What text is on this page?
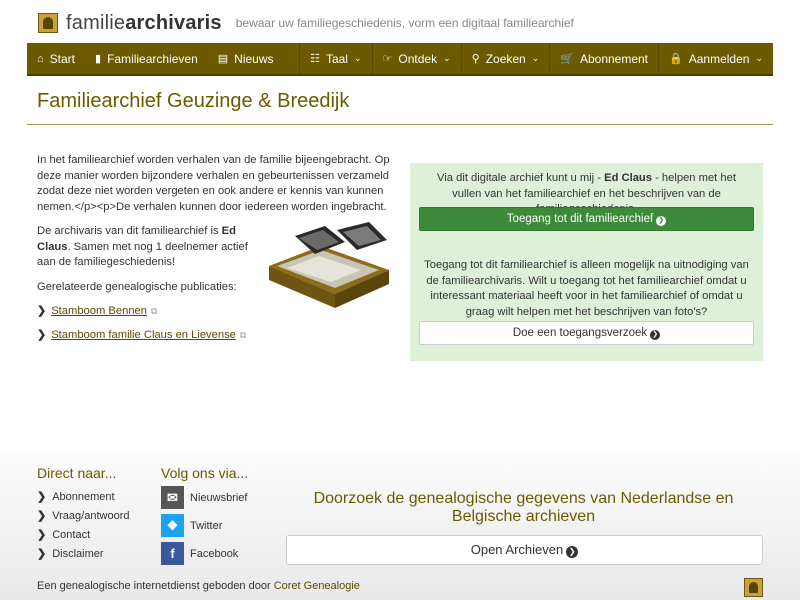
familiearchivaris bewaar uw familiegeschiedenis, vorm een digitaal familiearchief
⌂ Start ▮ Familiearchieven ▤ Nieuws	☷ Taal ⌄ ☞ Ontdek ⌄ ⚲ Zoeken ⌄ 🛒 Abonnement 🔒 Aanmelden ⌄
Familiearchief Geuzinge & Breedijk

In het familiearchief worden verhalen van de familie bijeengebracht. Op deze manier worden bijzondere verhalen en gebeurtenissen verzameld zodat deze niet worden vergeten en ook andere er kennis van kunnen nemen.</p><p>De verhalen kunnen door iedereen worden ingebracht.

De archivaris van dit familiearchief is Ed Claus. Samen met nog 1 deelnemer actief aan de familiegeschiedenis!

Gerelateerde genealogische publicaties:

❯ Stamboom Bennen ⧉
❯ Stamboom familie Claus en Lievense ⧉
Via dit digitale archief kunt u mij - Ed Claus - helpen met het vullen van het familiearchief en het beschrijven van de
Toegang tot dit familiearchief ❯
Toegang tot dit familiearchief is alleen mogelijk na uitnodiging van de familiearchivaris. Wilt u toegang tot het familiearchief omdat u interessant materiaal heeft voor in het familiearchief of omdat u graag wilt helpen met het beschrijven van foto's?
Doe een toegangsverzoek ❯
Direct naar...
❯ Abonnement
❯ Vraag/antwoord
❯ Contact
❯ Disclaimer
Volg ons via...
✉	Nieuwsbrief
❖	Twitter
f	Facebook
Doorzoek de genealogische gegevens van Nederlandse en Belgische archieven
Open Archieven ❯
Een genealogische internetdienst geboden door Coret Genealogie
